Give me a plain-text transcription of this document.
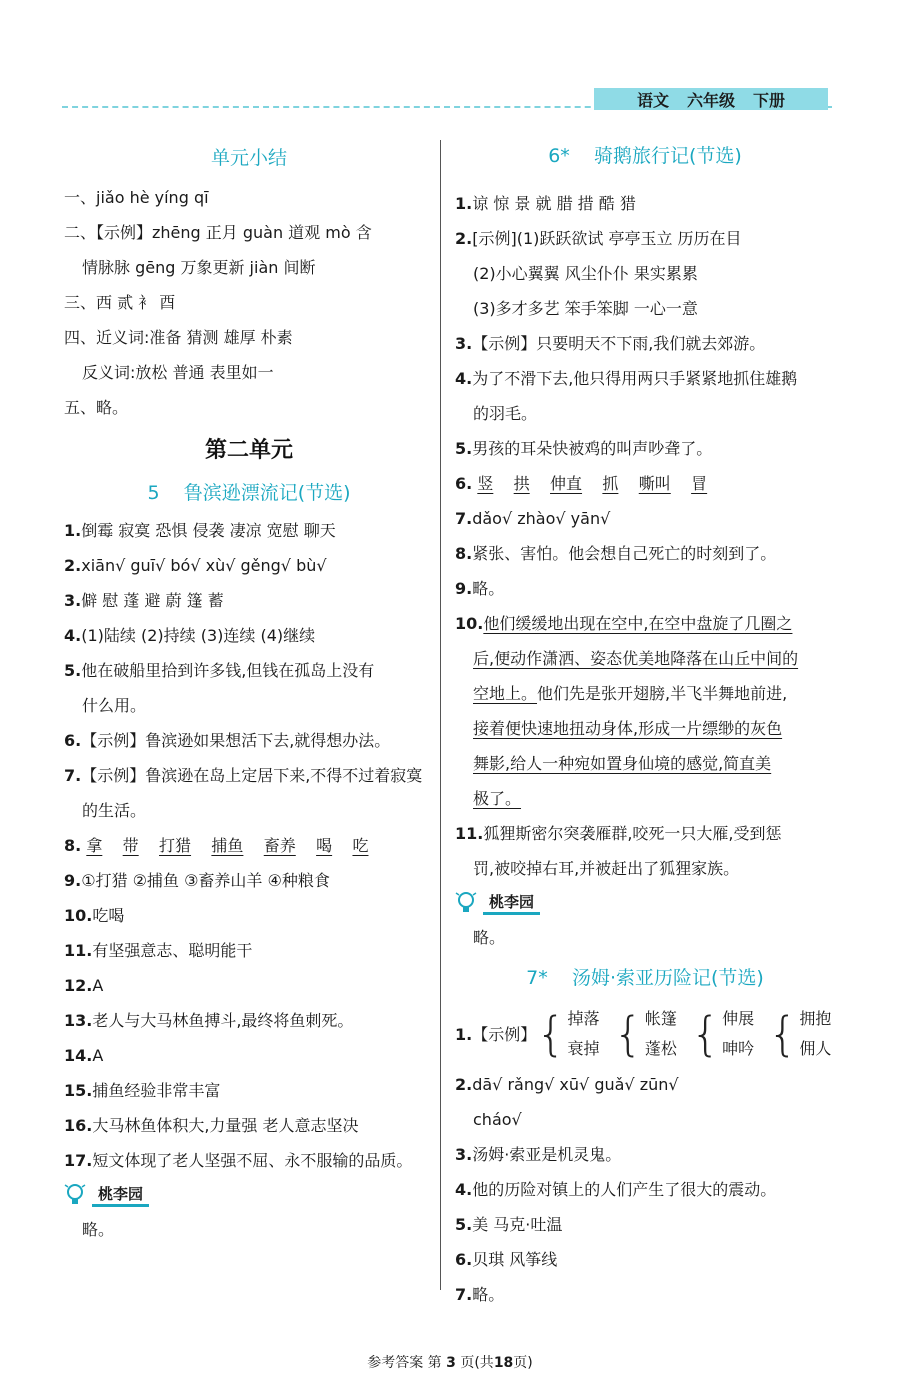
语文 六年级 下册
单元小结
一、jiǎo hè yíng qī
二、【示例】zhēng 正月 guàn 道观 mò 含
情脉脉 gēng 万象更新 jiàn 间断
三、西 贰 衤 酉
四、近义词:准备 猜测 雄厚 朴素
反义词:放松 普通 表里如一
五、略。
第二单元
5 鲁滨逊漂流记(节选)
1.倒霉 寂寞 恐惧 侵袭 凄凉 宽慰 聊天
2.xiān√ guī√ bó√ xù√ gěng√ bù√
3.僻 慰 蓬 避 蔚 篷 蓄
4.(1)陆续 (2)持续 (3)连续 (4)继续
5.他在破船里拾到许多钱,但钱在孤岛上没有
什么用。
6.【示例】鲁滨逊如果想活下去,就得想办法。
7.【示例】鲁滨逊在岛上定居下来,不得不过着寂寞
的生活。
8. 拿 带 打猎 捕鱼 畜养 喝 吃
9.①打猎 ②捕鱼 ③畜养山羊 ④种粮食
10.吃喝
11.有坚强意志、聪明能干
12.A
13.老人与大马林鱼搏斗,最终将鱼刺死。
14.A
15.捕鱼经验非常丰富
16.大马林鱼体积大,力量强 老人意志坚决
17.短文体现了老人坚强不屈、永不服输的品质。
桃李园
略。
6* 骑鹅旅行记(节选)
1.谅 惊 景 就 腊 措 酷 猎
2.[示例](1)跃跃欲试 亭亭玉立 历历在目
(2)小心翼翼 风尘仆仆 果实累累
(3)多才多艺 笨手笨脚 一心一意
3.【示例】只要明天不下雨,我们就去郊游。
4.为了不滑下去,他只得用两只手紧紧地抓住雄鹅
的羽毛。
5.男孩的耳朵快被鸡的叫声吵聋了。
6. 竖 拱 伸直 抓 嘶叫 冒
7.dǎo√ zhào√ yān√
8.紧张、害怕。他会想自己死亡的时刻到了。
9.略。
10.他们缓缓地出现在空中,在空中盘旋了几圈之
后,便动作潇洒、姿态优美地降落在山丘中间的
空地上。他们先是张开翅膀,半飞半舞地前进,
接着便快速地扭动身体,形成一片缥缈的灰色
舞影,给人一种宛如置身仙境的感觉,简直美
极了。
11.狐狸斯密尔突袭雁群,咬死一只大雁,受到惩
罚,被咬掉右耳,并被赶出了狐狸家族。
桃李园
略。
7* 汤姆·索亚历险记(节选)
1. 【示例】 { 掉落
衰掉 { 帐篷
蓬松 { 伸展
呻吟 { 拥抱
佣人
2.dā√ rǎng√ xū√ guǎ√ zūn√
cháo√
3.汤姆·索亚是机灵鬼。
4.他的历险对镇上的人们产生了很大的震动。
5.美 马克·吐温
6.贝琪 风筝线
7.略。
参考答案 第 3 页(共18页)
